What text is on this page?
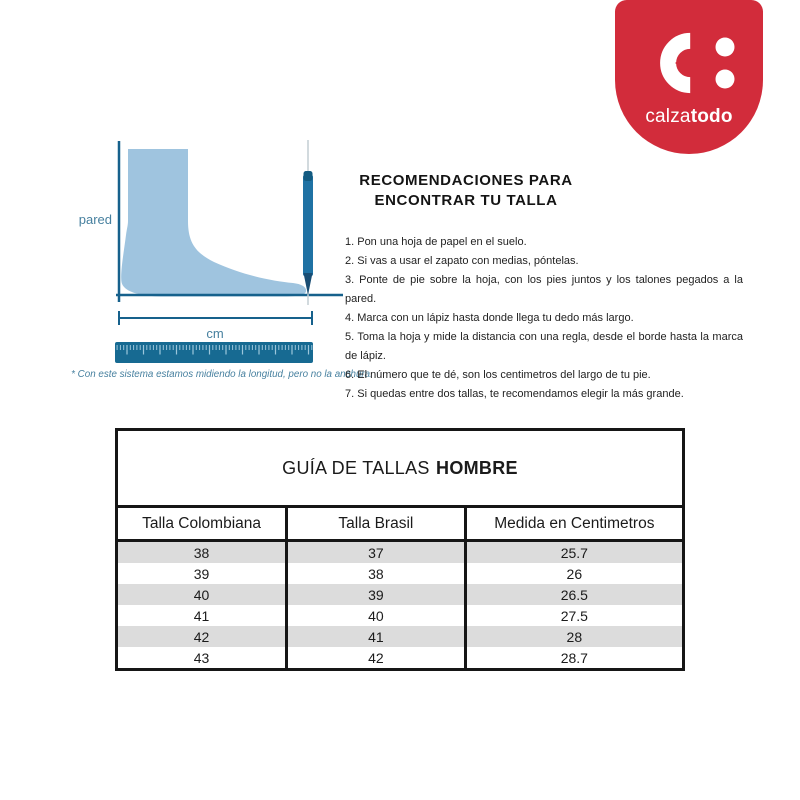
calzatodo
pared
cm
* Con este sistema estamos midiendo la longitud, pero no la anchura.
RECOMENDACIONES PARA
ENCONTRAR TU TALLA
1. Pon una hoja de papel en el suelo.
2. Si vas a usar el zapato con medias, póntelas.
3. Ponte de pie sobre la hoja, con los pies juntos y los talones pegados a la pared.
4. Marca con un lápiz hasta donde llega tu dedo más largo.
5. Toma la hoja y mide la distancia con una regla, desde el borde hasta la marca de lápiz.
6. El número que te dé, son los centimetros del largo de tu pie.
7. Si quedas entre dos tallas, te recomendamos elegir la más grande.
GUÍA DE TALLAS HOMBRE		
Talla Colombiana	Talla Brasil	Medida en Centimetros
38	37	25.7
39	38	26
40	39	26.5
41	40	27.5
42	41	28
43	42	28.7
